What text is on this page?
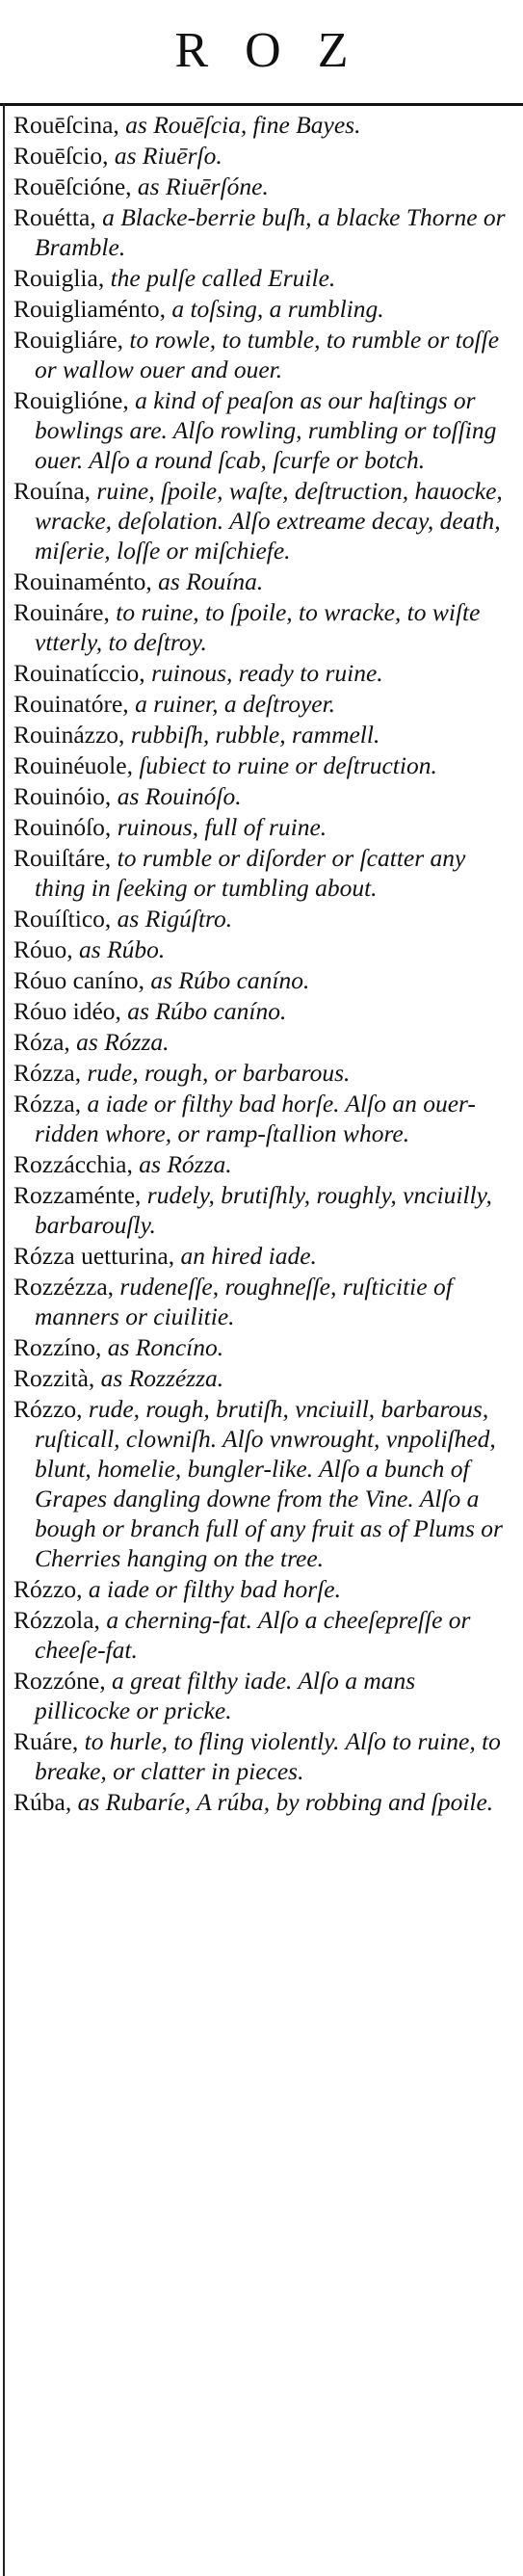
ROZ

Rouēſcina, as Rouēſcia, fine Bayes.

Rouēſcio, as Riuērſo.

Rouēſcióne, as Riuērſóne.

Rouétta, a Blacke-berrie buſh, a blacke Thorne or Bramble.

Rouiglia, the pulſe called Eruile.

Rouigliaménto, a toſsing, a rumbling.

Rouigliáre, to rowle, to tumble, to rumble or toſſe or wallow ouer and ouer.

Rouiglióne, a kind of peaſon as our haſtings or bowlings are. Alſo rowling, rumbling or toſſing ouer. Alſo a round ſcab, ſcurfe or botch.

Rouína, ruine, ſpoile, waſte, deſtruction, hauocke, wracke, deſolation. Alſo extreame decay, death, miſerie, loſſe or miſchiefe.

Rouinaménto, as Rouína.

Rouináre, to ruine, to ſpoile, to wracke, to wiſte vtterly, to deſtroy.

Rouinatíccio, ruinous, ready to ruine.

Rouinatóre, a ruiner, a deſtroyer.

Rouinázzo, rubbiſh, rubble, rammell.

Rouinéuole, ſubiect to ruine or deſtruction.

Rouinóio, as Rouinóſo.

Rouinóſo, ruinous, full of ruine.

Rouiſtáre, to rumble or diſorder or ſcatter any thing in ſeeking or tumbling about.

Rouíſtico, as Rigúſtro.

Róuo, as Rúbo.

Róuo caníno, as Rúbo caníno.

Róuo idéo, as Rúbo caníno.

Róza, as Rózza.

Rózza, rude, rough, or barbarous.

Rózza, a iade or filthy bad horſe. Alſo an ouer-ridden whore, or ramp-ſtallion whore.

Rozzácchia, as Rózza.

Rozzaménte, rudely, brutiſhly, roughly, vnciuilly, barbarouſly.

Rózza uetturina, an hired iade.

Rozzézza, rudeneſſe, roughneſſe, ruſticitie of manners or ciuilitie.

Rozzíno, as Roncíno.

Rozzità, as Rozzézza.

Rózzo, rude, rough, brutiſh, vnciuill, barbarous, ruſticall, clowniſh. Alſo vnwrought, vnpoliſhed, blunt, homelie, bungler-like. Alſo a bunch of Grapes dangling downe from the Vine. Alſo a bough or branch full of any fruit as of Plums or Cherries hanging on the tree.

Rózzo, a iade or filthy bad horſe.

Rózzola, a cherning-fat. Alſo a cheeſepreſſe or cheeſe-fat.

Rozzóne, a great filthy iade. Alſo a mans pillicocke or pricke.

Ruáre, to hurle, to fling violently. Alſo to ruine, to breake, or clatter in pieces.

Rúba, as Rubaríe, A rúba, by robbing and ſpoile.
